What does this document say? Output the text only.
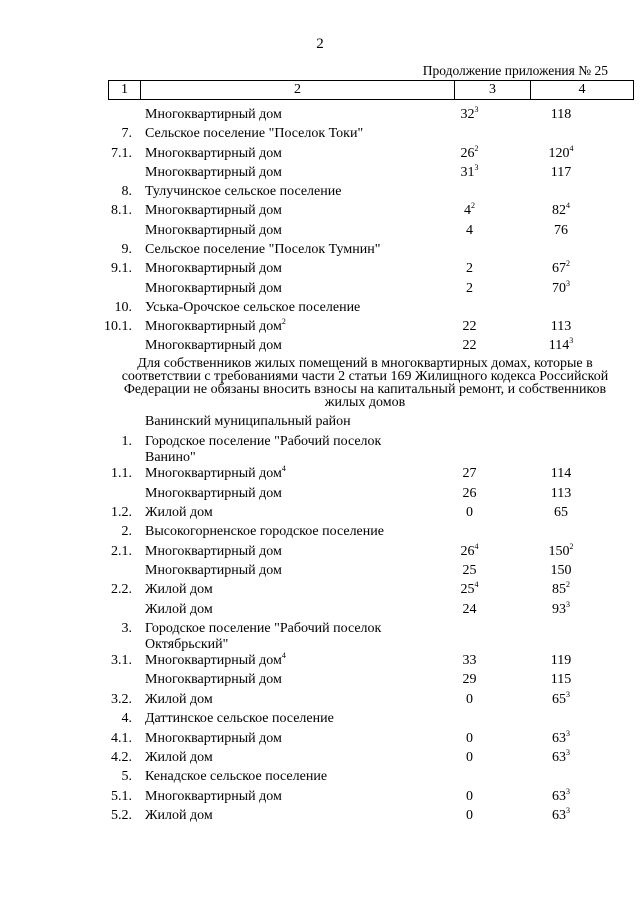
2
Продолжение приложения № 25
1	2	3	4
Многоквартирный дом	$32^3$	118
7. Сельское поселение "Поселок Токи"
7.1. Многоквартирный дом	$26^2$	$120^4$
Многоквартирный дом	$31^3$	117
8. Тулучинское сельское поселение
8.1. Многоквартирный дом	$4^2$	$82^4$
Многоквартирный дом	4	76
9. Сельское поселение "Поселок Тумнин"
9.1. Многоквартирный дом	2	$67^2$
Многоквартирный дом	2	$70^3$
10. Уська-Орочское сельское поселение
10.1. Многоквартирный дом$^2$	22	113
Многоквартирный дом	22	$114^3$
Для собственников жилых помещений в многоквартирных домах, которые в соответствии с требованиями части 2 статьи 169 Жилищного кодекса Российской Федерации не обязаны вносить взносы на капитальный ремонт, и собственников жилых домов
Ванинский муниципальный район
1. Городское поселение "Рабочий поселок Ванино"
1.1. Многоквартирный дом$^4$	27	114
Многоквартирный дом	26	113
1.2. Жилой дом	0	65
2. Высокогорненское городское поселение
2.1. Многоквартирный дом	$26^4$	$150^2$
Многоквартирный дом	25	150
2.2. Жилой дом	$25^4$	$85^2$
Жилой дом	24	$93^3$
3. Городское поселение "Рабочий поселок Октябрьский"
3.1. Многоквартирный дом$^4$	33	119
Многоквартирный дом	29	115
3.2. Жилой дом	0	$65^3$
4. Даттинское сельское поселение
4.1. Многоквартирный дом	0	$63^3$
4.2. Жилой дом	0	$63^3$
5. Кенадское сельское поселение
5.1. Многоквартирный дом	0	$63^3$
5.2. Жилой дом	0	$63^3$
